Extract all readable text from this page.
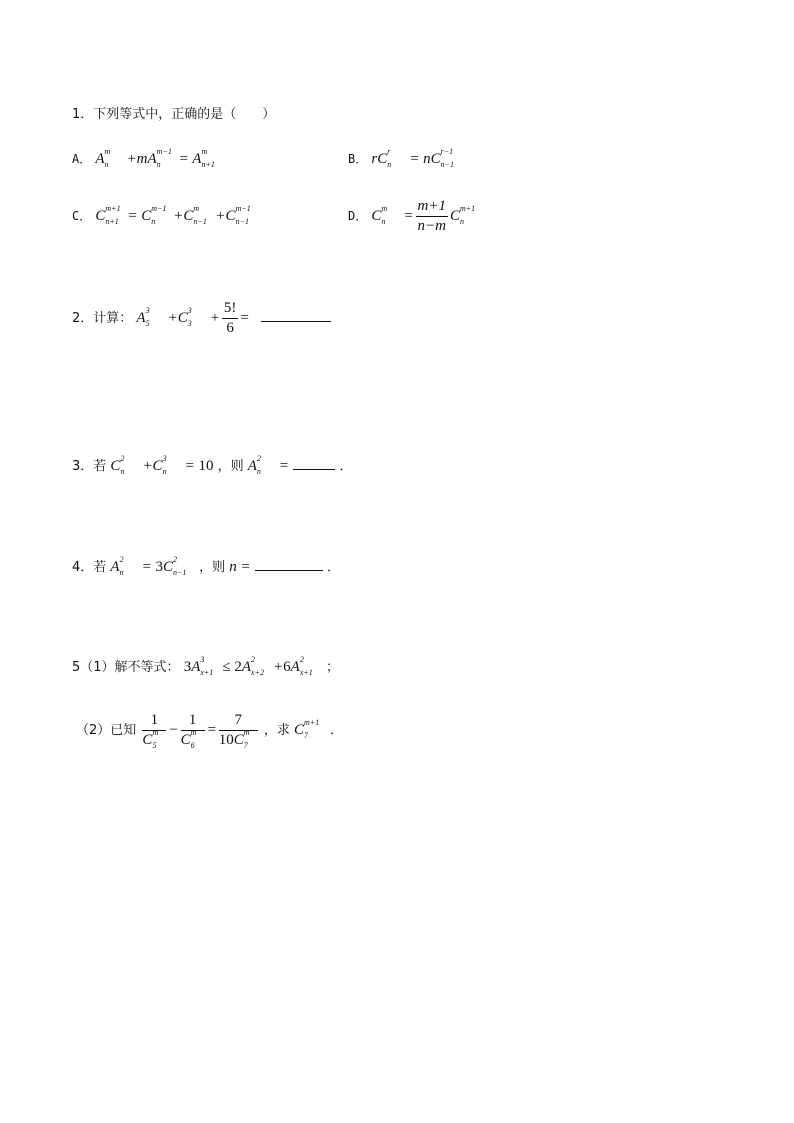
1．下列等式中，正确的是（　　）
A． A m
n +mA m−1
n = A m
n+1	B． rC r
n = nC r−1
n−1
C． C m+1
n+1 = C m−1
n +C m
n−1 +C m−1
n−1	D． C m
$n = \frac{m+1}{n-m}$ C m+1
n
2．计算： A 3
5 +C 3
$3 + \frac{5!}{6}$ =
3．若 C 2
n +C 3
n = 10 ，则 A 2
n =	．
4．若 A 2
n = 3C 2
n−1 ，则 n =	．
5（1）解不等式： 3A 3
x+1 ≤ 2A 2
x+2 +6A 2
x+1 ；
（2）已知 1
C m
5 − 1
C m
6 = 7
10C m
7 ，求 C m+1
7 ．
